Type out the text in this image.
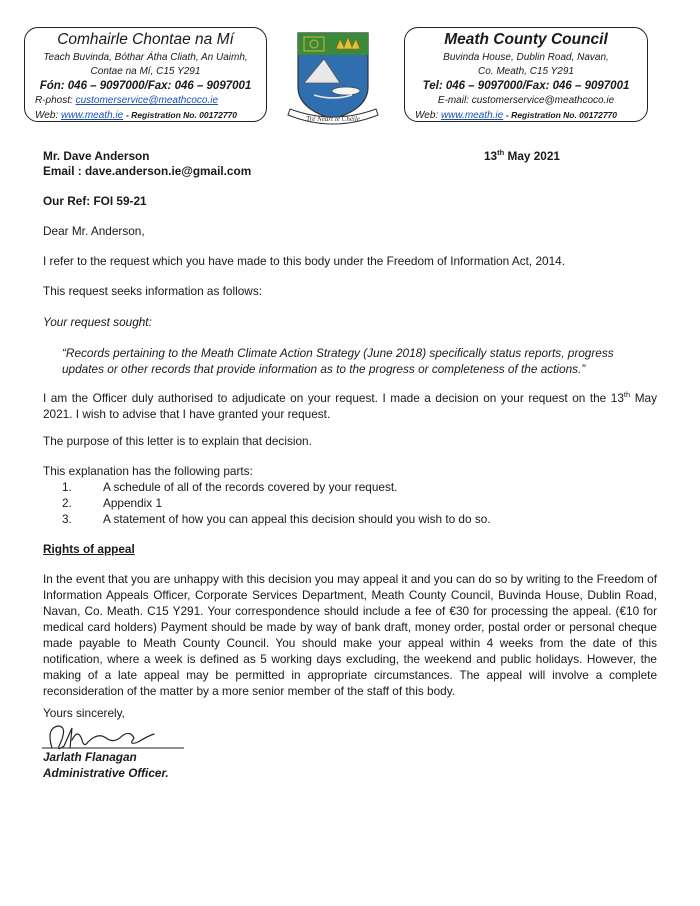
Comhairle Chontae na Mí
Teach Buvinda, Bóthar Átha Cliath, An Uaimh,
Contae na Mí, C15 Y291
Fón: 046 – 9097000/Fax: 046 – 9097001
R-phost: customerservice@meathcoco.ie
Web: www.meath.ie - Registration No. 00172770	Tré Neart le Chéile
Meath County Council
Buvinda House, Dublin Road, Navan,
Co. Meath, C15 Y291
Tel: 046 – 9097000/Fax: 046 – 9097001
E-mail: customerservice@meathcoco.ie
Web: www.meath.ie - Registration No. 00172770
Mr. Dave Anderson
Email : dave.anderson.ie@gmail.com
13th May 2021
Our Ref: FOI 59-21
Dear Mr. Anderson,
I refer to the request which you have made to this body under the Freedom of Information Act, 2014.
This request seeks information as follows:
Your request sought:
“Records pertaining to the Meath Climate Action Strategy (June 2018) specifically status reports, progress updates or other records that provide information as to the progress or completeness of the actions.”
I am the Officer duly authorised to adjudicate on your request. I made a decision on your request on the 13th May 2021. I wish to advise that I have granted your request.
The purpose of this letter is to explain that decision.
This explanation has the following parts:
1.	A schedule of all of the records covered by your request.
2.	Appendix 1
3.	A statement of how you can appeal this decision should you wish to do so.
Rights of appeal
In the event that you are unhappy with this decision you may appeal it and you can do so by writing to the Freedom of Information Appeals Officer, Corporate Services Department, Meath County Council, Buvinda House, Dublin Road, Navan, Co. Meath. C15 Y291. Your correspondence should include a fee of €30 for processing the appeal. (€10 for medical card holders) Payment should be made by way of bank draft, money order, postal order or personal cheque made payable to Meath County Council. You should make your appeal within 4 weeks from the date of this notification, where a week is defined as 5 working days excluding, the weekend and public holidays. However, the making of a late appeal may be permitted in appropriate circumstances. The appeal will involve a complete reconsideration of the matter by a more senior member of the staff of this body.
Yours sincerely,
Jarlath Flanagan
Administrative Officer.
